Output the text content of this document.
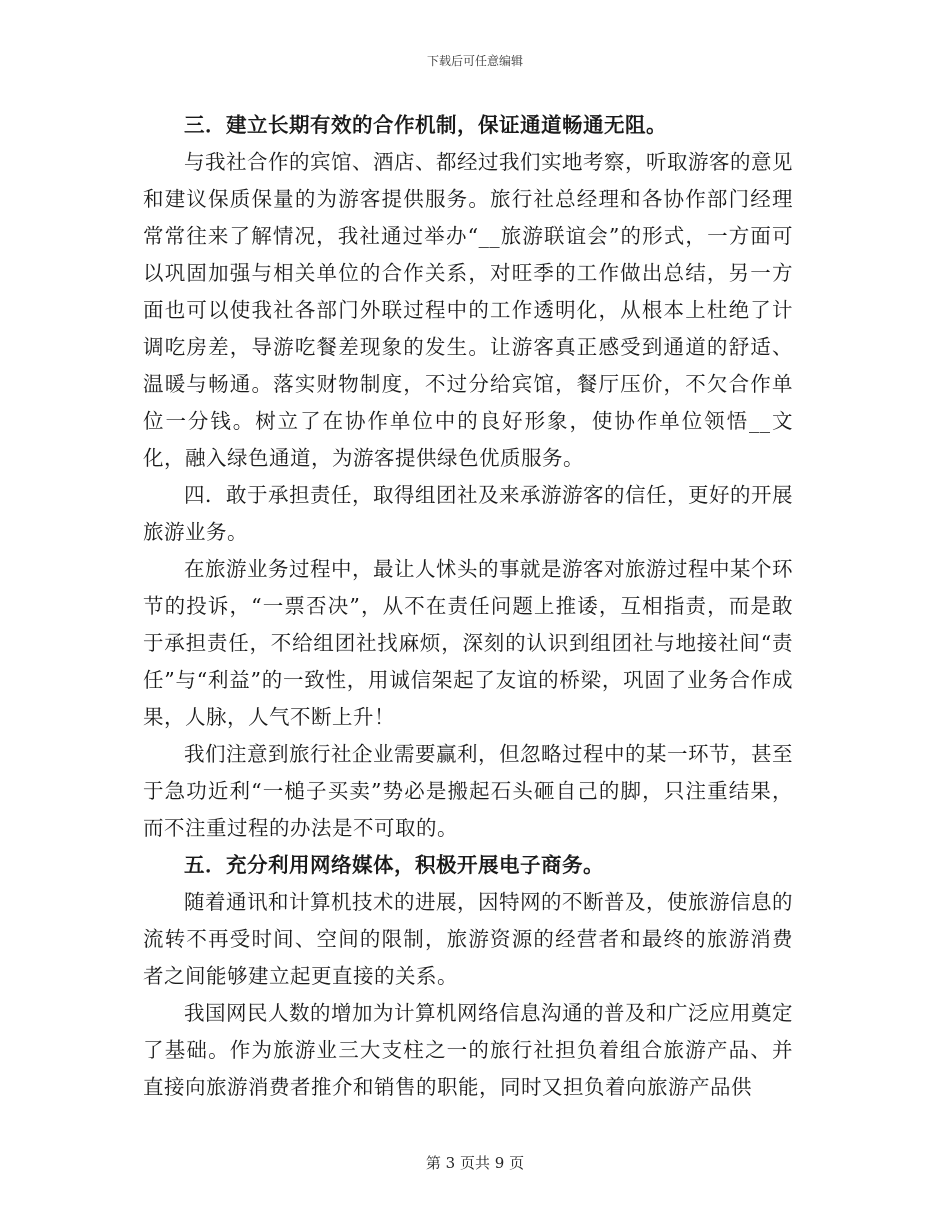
下载后可任意编辑

三．建立长期有效的合作机制，保证通道畅通无阻。

与我社合作的宾馆、酒店、都经过我们实地考察，听取游客的意见和建议保质保量的为游客提供服务。旅行社总经理和各协作部门经理常常往来了解情况，我社通过举办“__旅游联谊会”的形式，一方面可以巩固加强与相关单位的合作关系，对旺季的工作做出总结，另一方面也可以使我社各部门外联过程中的工作透明化，从根本上杜绝了计调吃房差，导游吃餐差现象的发生。让游客真正感受到通道的舒适、温暖与畅通。落实财物制度，不过分给宾馆，餐厅压价，不欠合作单位一分钱。树立了在协作单位中的良好形象，使协作单位领悟__文化，融入绿色通道，为游客提供绿色优质服务。

四．敢于承担责任，取得组团社及来承游游客的信任，更好的开展旅游业务。

在旅游业务过程中，最让人怵头的事就是游客对旅游过程中某个环节的投诉，“一票否决”，从不在责任问题上推诿，互相指责，而是敢于承担责任，不给组团社找麻烦，深刻的认识到组团社与地接社间“责任”与“利益”的一致性，用诚信架起了友谊的桥梁，巩固了业务合作成果，人脉，人气不断上升！

我们注意到旅行社企业需要赢利，但忽略过程中的某一环节，甚至于急功近利“一槌子买卖”势必是搬起石头砸自己的脚，只注重结果，而不注重过程的办法是不可取的。

五．充分利用网络媒体，积极开展电子商务。

随着通讯和计算机技术的进展，因特网的不断普及，使旅游信息的流转不再受时间、空间的限制，旅游资源的经营者和最终的旅游消费者之间能够建立起更直接的关系。

我国网民人数的增加为计算机网络信息沟通的普及和广泛应用奠定了基础。作为旅游业三大支柱之一的旅行社担负着组合旅游产品、并直接向旅游消费者推介和销售的职能，同时又担负着向旅游产品供

第 3 页共 9 页
